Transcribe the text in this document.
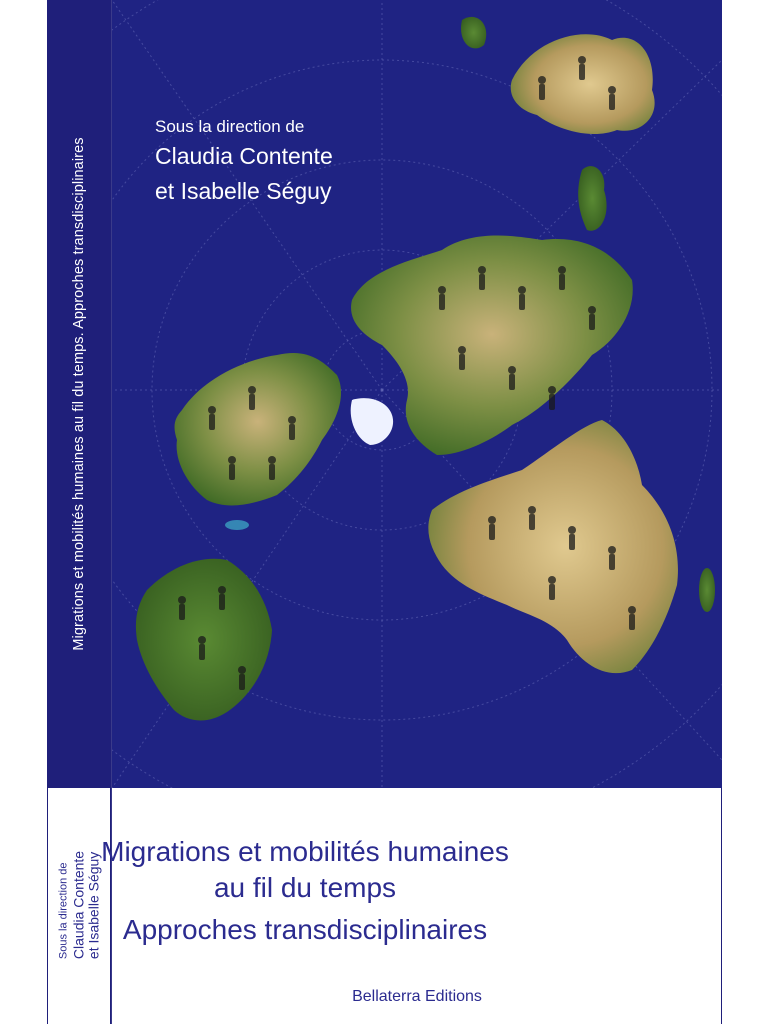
Migrations et mobilités humaines au fil du temps. Approches transdisciplinaires
Sous la direction de Claudia Contente et Isabelle Séguy
Sous la direction de
Claudia Contente
et Isabelle Séguy
Migrations et mobilités humaines
au fil du temps
Approches transdisciplinaires
Bellaterra Editions
